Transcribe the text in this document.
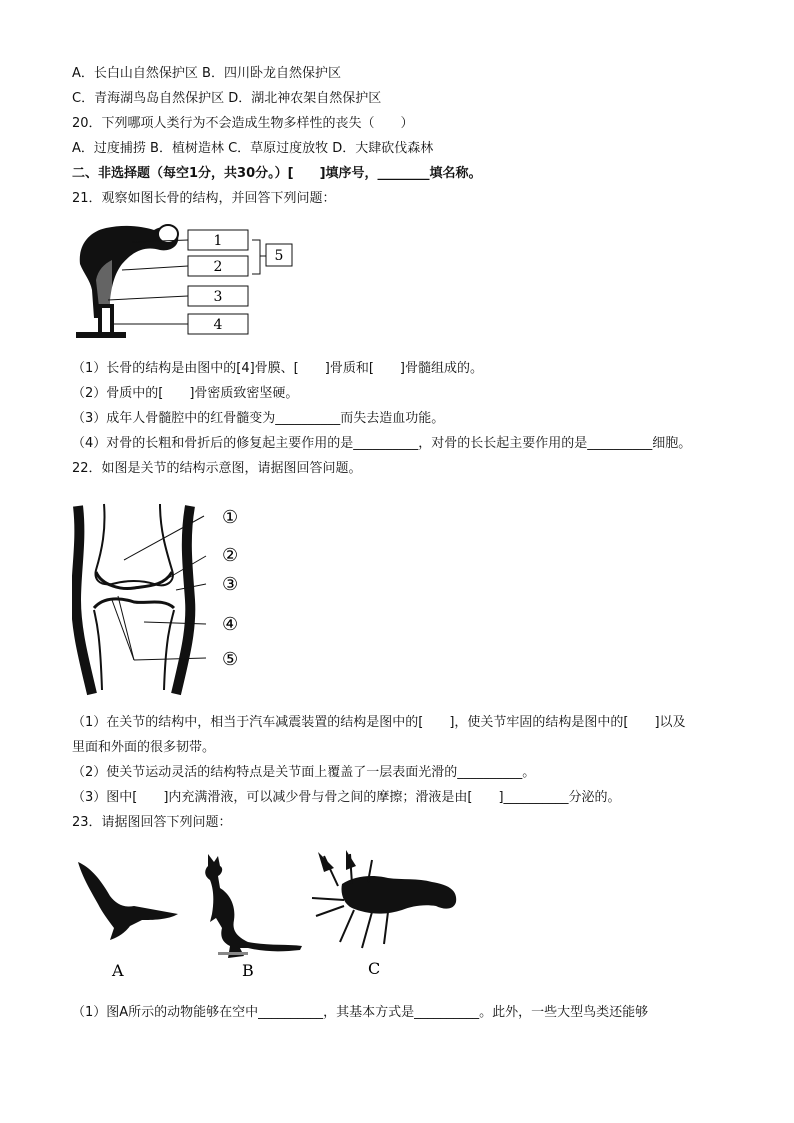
A．长白山自然保护区 B．四川卧龙自然保护区
C．青海湖鸟岛自然保护区 D．湖北神农架自然保护区
20．下列哪项人类行为不会造成生物多样性的丧失（　　）
A．过度捕捞 B．植树造林 C．草原过度放牧 D．大肆砍伐森林
二、非选择题（每空1分，共30分。）[　　]填序号，________填名称。
21．观察如图长骨的结构，并回答下列问题：
1
2
3
4
5
（1）长骨的结构是由图中的[4]骨膜、[　　]骨质和[　　]骨髓组成的。
（2）骨质中的[　　]骨密质致密坚硬。
（3）成年人骨髓腔中的红骨髓变为__________而失去造血功能。
（4）对骨的长粗和骨折后的修复起主要作用的是__________，对骨的长长起主要作用的是__________细胞。
22．如图是关节的结构示意图，请据图回答问题。
①
②
③
④
⑤
（1）在关节的结构中，相当于汽车减震装置的结构是图中的[　　]，使关节牢固的结构是图中的[　　]以及
里面和外面的很多韧带。
（2）使关节运动灵活的结构特点是关节面上覆盖了一层表面光滑的__________。
（3）图中[　　]内充满滑液，可以减少骨与骨之间的摩擦；滑液是由[　　]__________分泌的。
23．请据图回答下列问题：
A	B	C
（1）图A所示的动物能够在空中__________，其基本方式是__________。此外，一些大型鸟类还能够
